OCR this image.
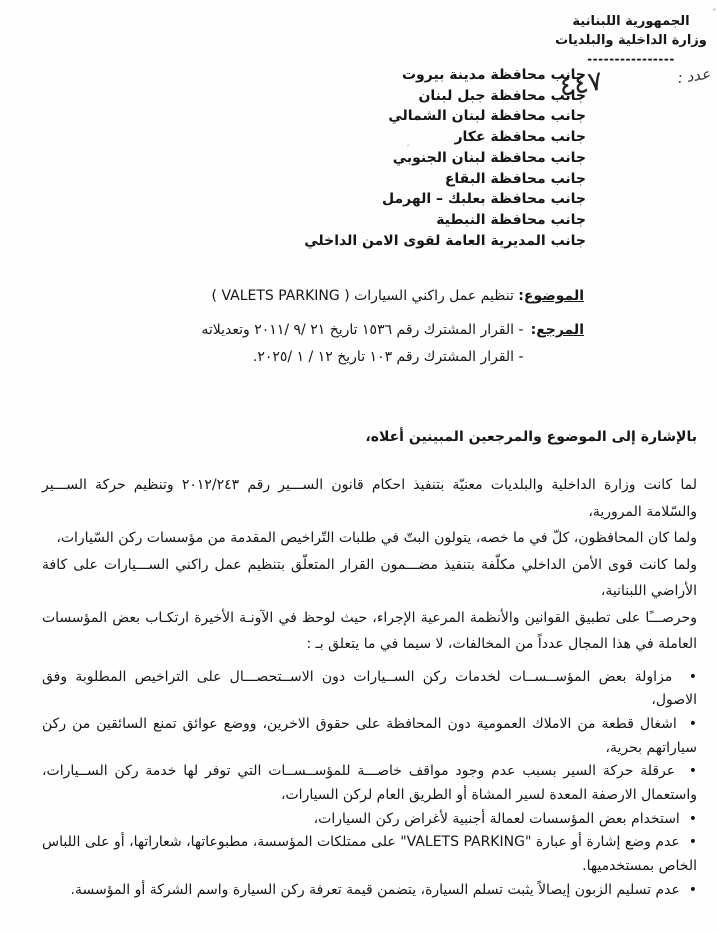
الجمهورية اللبنانية
وزارة الداخلية والبلديات
----------------
ʼ
ˏ
عدد :
٤٤٧
جانب محافظة مدينة بيروت
جانب محافظة جبل لبنان
جانب محافظة لبنان الشمالي
جانب محافظة عكار
جانب محافظة لبنان الجنوبي
جانب محافظة البقاع
جانب محافظة بعلبك – الهرمل
جانب محافظة النبطية
جانب المديرية العامة لقوى الامن الداخلي
الموضوع: تنظيم عمل راكني السيارات ( VALETS PARKING )
المرجع:
- القرار المشترك رقم ١٥٣٦ تاريخ ٢١ /٩ /٢٠١١ وتعديلاته
- القرار المشترك رقم ١٠٣ تاريخ ١٢ / ١ /٢٠٢٥.

بالإشارة إلى الموضوع والمرجعين المبينين أعلاه،

لما كانت وزارة الداخلية والبلديات معنيّة بتنفيذ احكام قانون الســـير رقم ٢٠١٢/٢٤٣ وتنظيم حركة الســـير والسّلامة المرورية،

ولما كان المحافظون، كلّ في ما خصه، يتولون البتّ في طلبات التّراخيص المقدمة من مؤسسات ركن السّيارات،

ولما كانت قوى الأمن الداخلي مكلّفة بتنفيذ مضـــمون القرار المتعلّق بتنظيم عمل راكني الســـيارات على كافة الأراضي اللبنانية،

وحرصـــًا على تطبيق القوانين والأنظمة المرعية الإجراء، حيث لوحظ في الآونـة الأخيرة ارتكـاب بعض المؤسسات العاملة في هذا المجال عدداً من المخالفات، لا سيما في ما يتعلق بـ :

•  مزاولة بعض المؤســســات لخدمات ركن الســيارات دون الاســتحصـــال على التراخيص المطلوبة وفق الاصول،
•  اشغال قطعة من الاملاك العمومية دون المحافظة على حقوق الاخرين، ووضع عوائق تمنع السائقين من ركن سياراتهم بحرية،
•  عرقلة حركة السير بسبب عدم وجود مواقف خاصـــة للمؤســســات التي توفر لها خدمة ركن الســيارات، واستعمال الارصفة المعدة لسير المشاة أو الطريق العام لركن السيارات،
•  استخدام بعض المؤسسات لعمالة أجنبية لأغراض ركن السيارات،
•  عدم وضع إشارة أو عبارة "VALETS PARKING" على ممتلكات المؤسسة، مطبوعاتها، شعاراتها، أو على اللباس الخاص بمستخدميها.
•  عدم تسليم الزبون إيصالاً يثبت تسلم السيارة، يتضمن قيمة تعرفة ركن السيارة واسم الشركة أو المؤسسة.
